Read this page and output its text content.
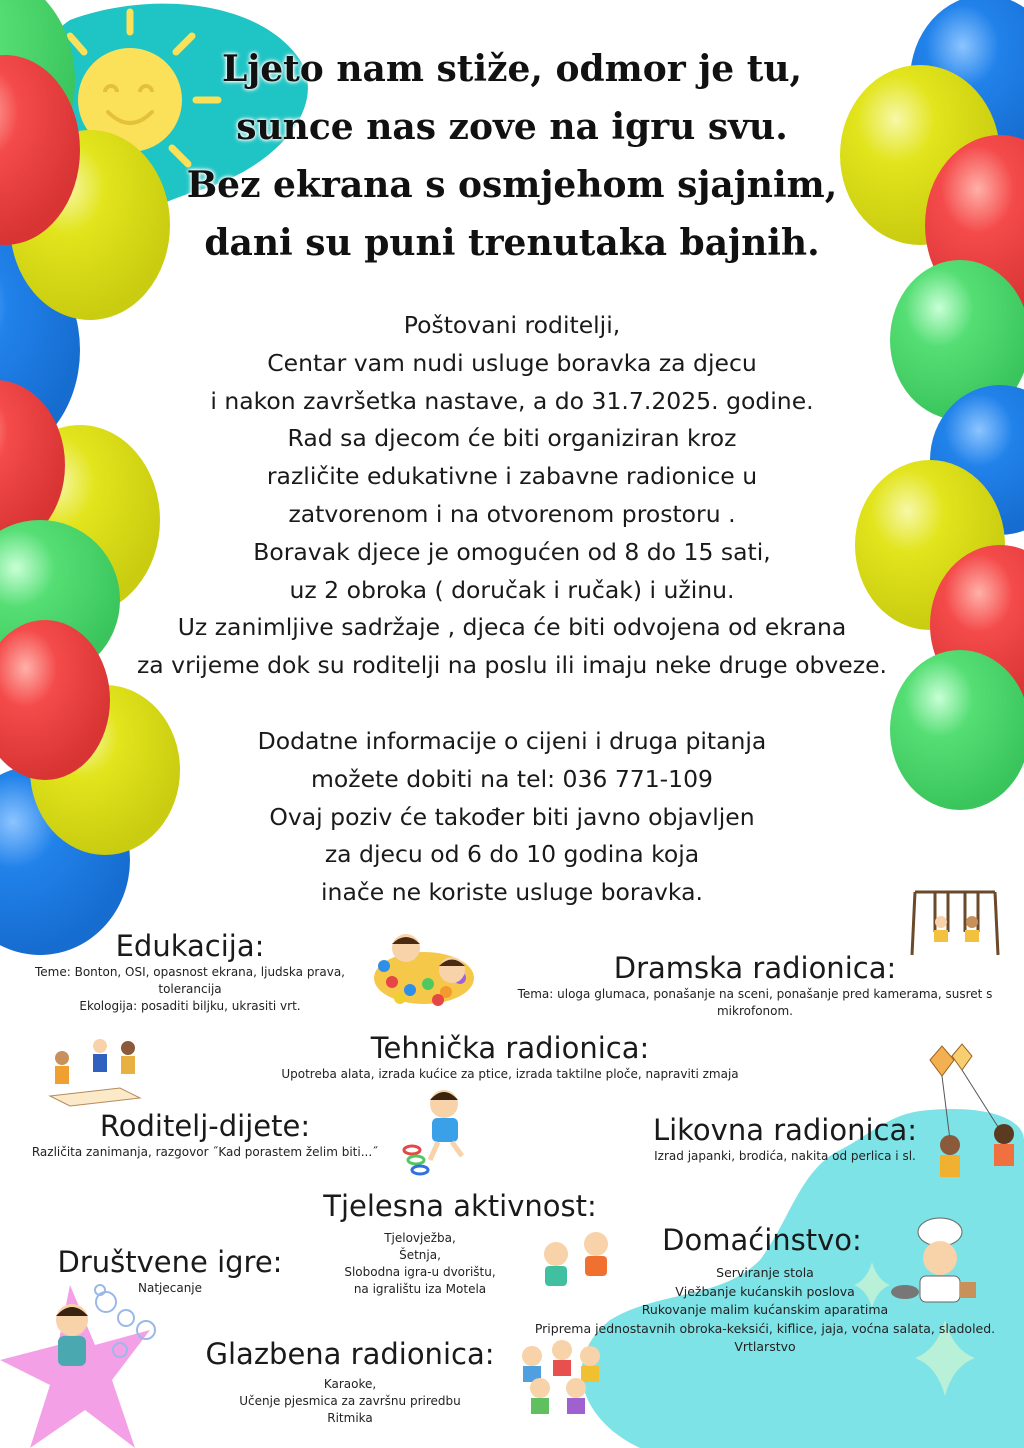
Ljeto nam stiže, odmor je tu,
sunce nas zove na igru svu.
Bez ekrana s osmjehom sjajnim,
dani su puni trenutaka bajnih.
Poštovani roditelji,
Centar vam nudi usluge boravka za djecu
i nakon završetka nastave, a do 31.7.2025. godine.
Rad sa djecom će biti organiziran kroz
različite edukativne i zabavne radionice u
zatvorenom i na otvorenom prostoru .
Boravak djece je omogućen od 8 do 15 sati,
uz 2 obroka ( doručak i ručak) i užinu.
Uz zanimljive sadržaje , djeca će biti odvojena od ekrana
za vrijeme dok su roditelji na poslu ili imaju neke druge obveze.
Dodatne informacije o cijeni i druga pitanja
možete dobiti na tel: 036 771-109
Ovaj poziv će također biti javno objavljen
za djecu od 6 do 10 godina koja
inače ne koriste usluge boravka.
Edukacija:
Teme: Bonton, OSI, opasnost ekrana, ljudska prava,
tolerancija
Ekologija: posaditi biljku, ukrasiti vrt.
Dramska radionica:
Tema: uloga glumaca, ponašanje na sceni, ponašanje pred kamerama, susret s
mikrofonom.
Tehnička radionica:
Upotreba alata, izrada kućice za ptice, izrada taktilne ploče, napraviti zmaja
Roditelj-dijete:
Različita zanimanja, razgovor ˝Kad porastem želim biti...˝
Likovna radionica:
Izrad japanki, brodića, nakita od perlica i sl.
Tjelesna aktivnost:
Tjelovježba,
Šetnja,
Slobodna igra-u dvorištu,
na igralištu iza Motela
Društvene igre:
Natjecanje
Domaćinstvo:
Serviranje stola
Vježbanje kućanskih poslova
Rukovanje malim kućanskim aparatima
Priprema jednostavnih obroka-keksići, kiflice, jaja, voćna salata, sladoled.
Vrtlarstvo
Glazbena radionica:
Karaoke,
Učenje pjesmica za završnu priredbu
Ritmika
